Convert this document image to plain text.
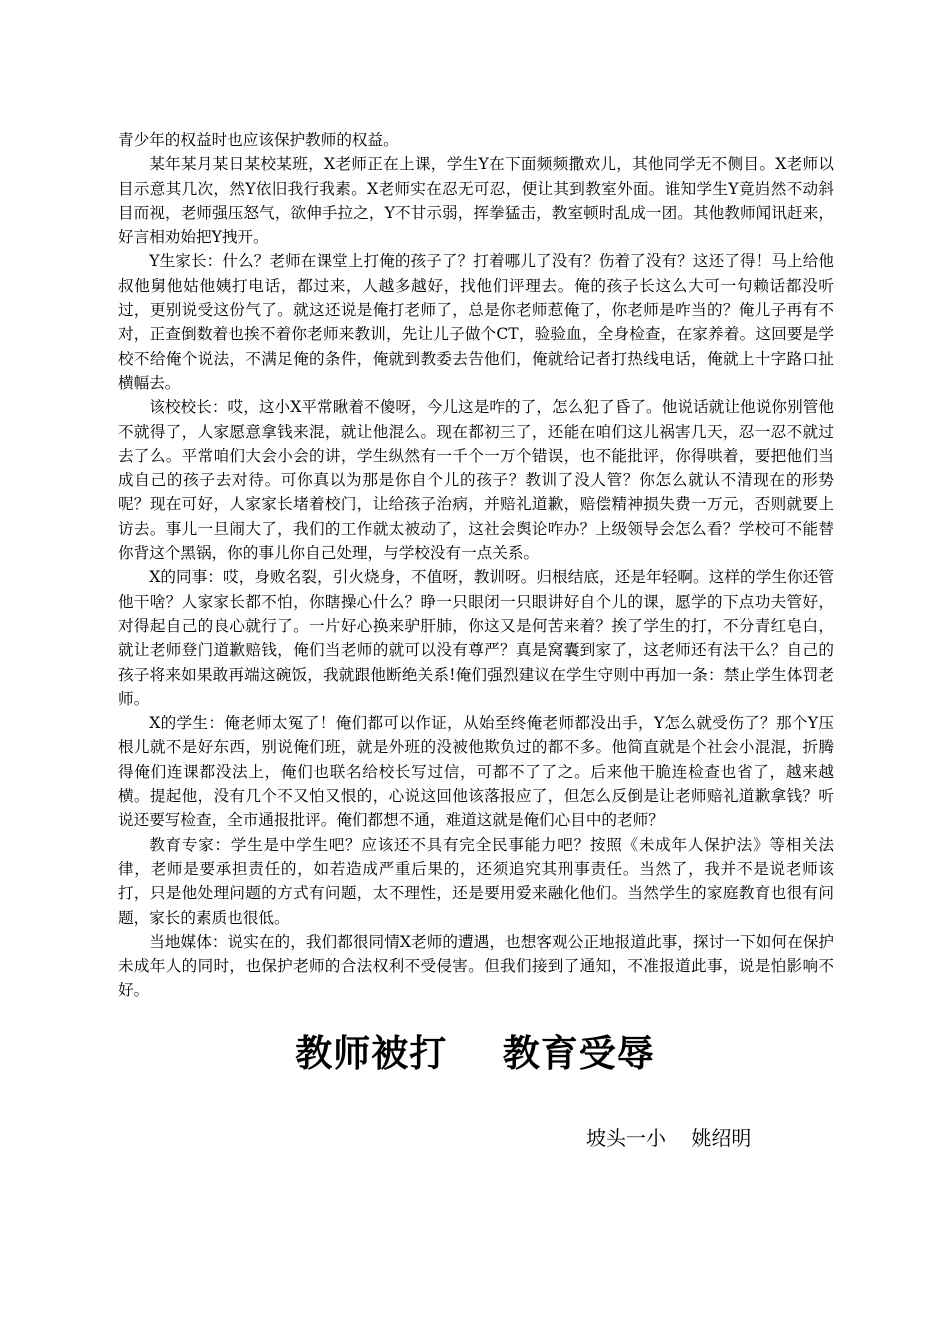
青少年的权益时也应该保护教师的权益。

某年某月某日某校某班，X老师正在上课，学生Y在下面频频撒欢儿，其他同学无不侧目。X老师以目示意其几次，然Y依旧我行我素。X老师实在忍无可忍，便让其到教室外面。谁知学生Y竟岿然不动斜目而视，老师强压怒气，欲伸手拉之，Y不甘示弱，挥拳猛击，教室顿时乱成一团。其他教师闻讯赶来，好言相劝始把Y拽开。

Y生家长：什么？老师在课堂上打俺的孩子了？打着哪儿了没有？伤着了没有？这还了得！马上给他叔他舅他姑他姨打电话，都过来，人越多越好，找他们评理去。俺的孩子长这么大可一句赖话都没听过，更别说受这份气了。就这还说是俺打老师了，总是你老师惹俺了，你老师是咋当的？俺儿子再有不对，正查倒数着也挨不着你老师来教训，先让儿子做个CT，验验血，全身检查，在家养着。这回要是学校不给俺个说法，不满足俺的条件，俺就到教委去告他们，俺就给记者打热线电话，俺就上十字路口扯横幅去。

该校校长：哎，这小X平常瞅着不傻呀，今儿这是咋的了，怎么犯了昏了。他说话就让他说你别管他不就得了，人家愿意拿钱来混，就让他混么。现在都初三了，还能在咱们这儿祸害几天，忍一忍不就过去了么。平常咱们大会小会的讲，学生纵然有一千个一万个错误，也不能批评，你得哄着，要把他们当成自己的孩子去对待。可你真以为那是你自个儿的孩子？教训了没人管？你怎么就认不清现在的形势呢？现在可好，人家家长堵着校门，让给孩子治病，并赔礼道歉，赔偿精神损失费一万元，否则就要上访去。事儿一旦闹大了，我们的工作就太被动了，这社会舆论咋办？上级领导会怎么看？学校可不能替你背这个黑锅，你的事儿你自己处理，与学校没有一点关系。

X的同事：哎，身败名裂，引火烧身，不值呀，教训呀。归根结底，还是年轻啊。这样的学生你还管他干啥？人家家长都不怕，你瞎操心什么？睁一只眼闭一只眼讲好自个儿的课，愿学的下点功夫管好，对得起自己的良心就行了。一片好心换来驴肝肺，你这又是何苦来着？挨了学生的打，不分青红皂白，就让老师登门道歉赔钱，俺们当老师的就可以没有尊严？真是窝囊到家了，这老师还有法干么？自己的孩子将来如果敢再端这碗饭，我就跟他断绝关系!俺们强烈建议在学生守则中再加一条：禁止学生体罚老师。

X的学生：俺老师太冤了！俺们都可以作证，从始至终俺老师都没出手，Y怎么就受伤了？那个Y压根儿就不是好东西，别说俺们班，就是外班的没被他欺负过的都不多。他简直就是个社会小混混，折腾得俺们连课都没法上，俺们也联名给校长写过信，可都不了了之。后来他干脆连检查也省了，越来越横。提起他，没有几个不又怕又恨的，心说这回他该落报应了，但怎么反倒是让老师赔礼道歉拿钱？听说还要写检查，全市通报批评。俺们都想不通，难道这就是俺们心目中的老师？

教育专家：学生是中学生吧？应该还不具有完全民事能力吧？按照《未成年人保护法》等相关法律，老师是要承担责任的，如若造成严重后果的，还须追究其刑事责任。当然了，我并不是说老师该打，只是他处理问题的方式有问题，太不理性，还是要用爱来融化他们。当然学生的家庭教育也很有问题，家长的素质也很低。

当地媒体：说实在的，我们都很同情X老师的遭遇，也想客观公正地报道此事，探讨一下如何在保护未成年人的同时，也保护老师的合法权利不受侵害。但我们接到了通知，不准报道此事，说是怕影响不好。

教师被打    教育受辱

坡头一小    姚绍明
